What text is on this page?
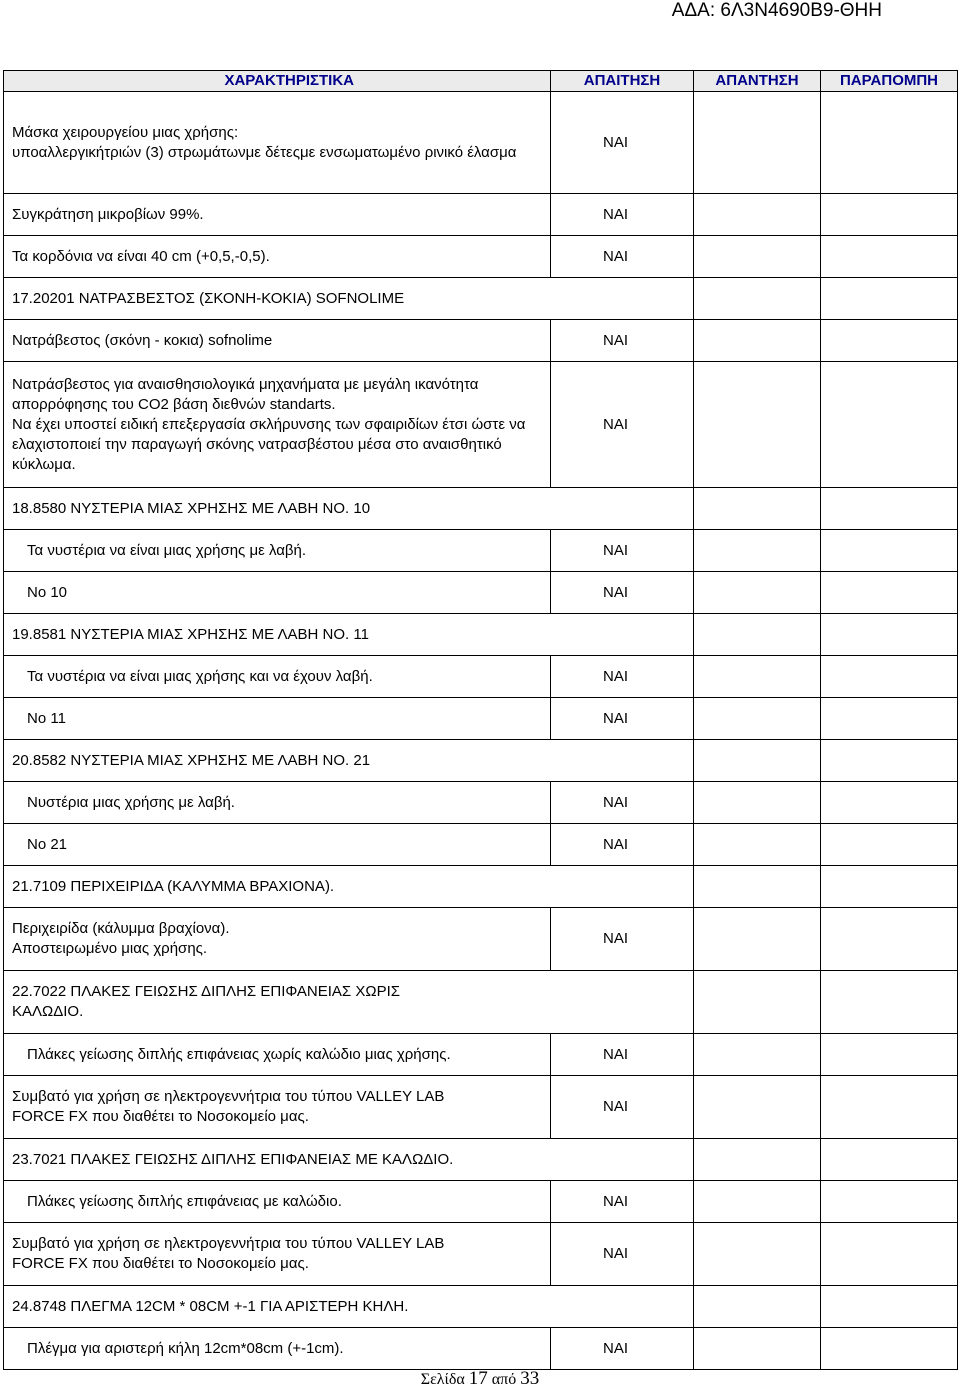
ΑΔΑ: 6Λ3Ν4690Β9-ΘΗΗ
ΧΑΡΑΚΤΗΡΙΣΤΙΚΑ	ΑΠΑΙΤΗΣΗ	ΑΠΑΝΤΗΣΗ	ΠΑΡΑΠΟΜΠΗ
Μάσκα χειρουργείου μιας χρήσης:
υποαλλεργικήτριών (3) στρωμάτωνμε δέτεςμε ενσωματωμένο ρινικό έλασμα	ΝΑΙ		
Συγκράτηση μικροβίων 99%.	ΝΑΙ		
Τα κορδόνια να είναι 40 cm (+0,5,-0,5).	ΝΑΙ		
17.20201 ΝΑΤΡΑΣΒΕΣΤΟΣ (ΣΚΟΝΗ-ΚΟΚΙΑ) SOFNOLIME			
Νατράβεστος (σκόνη - κοκια) sofnolime	ΝΑΙ		
Νατράσβεστος για αναισθησιολογικά μηχανήματα με μεγάλη ικανότητα απορρόφησης του CO2 βάση διεθνών standarts.
Να έχει υποστεί ειδική επεξεργασία σκλήρυνσης των σφαιριδίων έτσι ώστε να ελαχιστοποιεί την παραγωγή σκόνης νατρασβέστου μέσα στο αναισθητικό κύκλωμα.	ΝΑΙ		
18.8580 ΝΥΣΤΕΡΙΑ ΜΙΑΣ ΧΡΗΣΗΣ ΜΕ ΛΑΒΗ ΝΟ. 10			
Τα νυστέρια να είναι μιας χρήσης με λαβή.	ΝΑΙ		
Νο 10	ΝΑΙ		
19.8581 ΝΥΣΤΕΡΙΑ ΜΙΑΣ ΧΡΗΣΗΣ ΜΕ ΛΑΒΗ ΝΟ. 11			
Τα νυστέρια να είναι μιας χρήσης και να έχουν λαβή.	ΝΑΙ		
Νο 11	ΝΑΙ		
20.8582 ΝΥΣΤΕΡΙΑ ΜΙΑΣ ΧΡΗΣΗΣ ΜΕ ΛΑΒΗ ΝΟ. 21			
Νυστέρια μιας χρήσης με λαβή.	ΝΑΙ		
Νο 21	ΝΑΙ		
21.7109 ΠΕΡΙΧΕΙΡΙΔΑ (ΚΑΛΥΜΜΑ ΒΡΑΧΙΟΝΑ).			
Περιχειρίδα (κάλυμμα βραχίονα).
Αποστειρωμένο μιας χρήσης.	ΝΑΙ		
22.7022 ΠΛΑΚΕΣ ΓΕΙΩΣΗΣ ΔΙΠΛΗΣ ΕΠΙΦΑΝΕΙΑΣ ΧΩΡΙΣ
ΚΑΛΩΔΙΟ.			
Πλάκες γείωσης διπλής επιφάνειας χωρίς καλώδιο μιας χρήσης.	ΝΑΙ		
Συμβατό για χρήση σε ηλεκτρογεννήτρια του τύπου VALLEY LAB
FORCE FX που διαθέτει το Νοσοκομείο μας.	ΝΑΙ		
23.7021 ΠΛΑΚΕΣ ΓΕΙΩΣΗΣ ΔΙΠΛΗΣ ΕΠΙΦΑΝΕΙΑΣ ΜΕ ΚΑΛΩΔΙΟ.			
Πλάκες γείωσης διπλής επιφάνειας με καλώδιο.	ΝΑΙ		
Συμβατό για χρήση σε ηλεκτρογεννήτρια του τύπου VALLEY LAB
FORCE FX που διαθέτει το Νοσοκομείο μας.	ΝΑΙ		
24.8748 ΠΛΕΓΜΑ 12CM * 08CM +-1 ΓΙΑ ΑΡΙΣΤΕΡΗ ΚΗΛΗ.			
Πλέγμα για αριστερή κήλη 12cm*08cm (+-1cm).	ΝΑΙ		
Σελίδα 17 από 33
